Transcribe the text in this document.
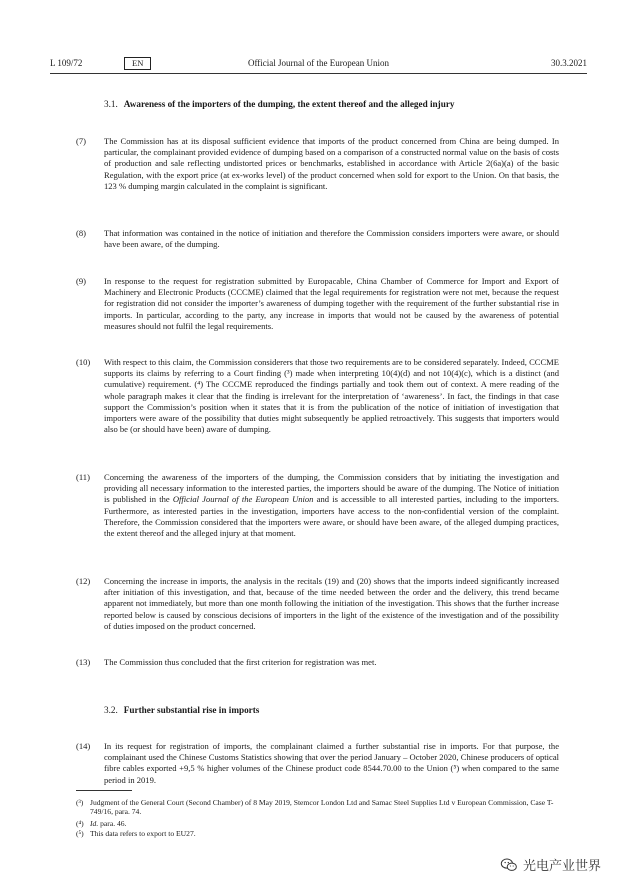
L 109/72	EN	Official Journal of the European Union	30.3.2021
3.1. Awareness of the importers of the dumping, the extent thereof and the alleged injury
(7) The Commission has at its disposal sufficient evidence that imports of the product concerned from China are being dumped. In particular, the complainant provided evidence of dumping based on a comparison of a constructed normal value on the basis of costs of production and sale reflecting undistorted prices or benchmarks, established in accordance with Article 2(6a)(a) of the basic Regulation, with the export price (at ex-works level) of the product concerned when sold for export to the Union. On that basis, the 123 % dumping margin calculated in the complaint is significant.
(8) That information was contained in the notice of initiation and therefore the Commission considers importers were aware, or should have been aware, of the dumping.
(9) In response to the request for registration submitted by Europacable, China Chamber of Commerce for Import and Export of Machinery and Electronic Products (CCCME) claimed that the legal requirements for registration were not met, because the request for registration did not consider the importer’s awareness of dumping together with the requirement of the further substantial rise in imports. In particular, according to the party, any increase in imports that would not be caused by the awareness of potential measures should not fulfil the legal requirements.
(10) With respect to this claim, the Commission considerers that those two requirements are to be considered separately. Indeed, CCCME supports its claims by referring to a Court finding (³) made when interpreting 10(4)(d) and not 10(4)(c), which is a distinct (and cumulative) requirement. (⁴) The CCCME reproduced the findings partially and took them out of context. A mere reading of the whole paragraph makes it clear that the finding is irrelevant for the interpretation of ‘awareness’. In fact, the findings in that case support the Commission’s position when it states that it is from the publication of the notice of initiation of investigation that importers were aware of the possibility that duties might subsequently be applied retroactively. This suggests that importers would also be (or should have been) aware of dumping.
(11) Concerning the awareness of the importers of the dumping, the Commission considers that by initiating the investigation and providing all necessary information to the interested parties, the importers should be aware of the dumping. The Notice of initiation is published in the Official Journal of the European Union and is accessible to all interested parties, including to the importers. Furthermore, as interested parties in the investigation, importers have access to the non-confidential version of the complaint. Therefore, the Commission considered that the importers were aware, or should have been aware, of the alleged dumping practices, the extent thereof and the alleged injury at that moment.
(12) Concerning the increase in imports, the analysis in the recitals (19) and (20) shows that the imports indeed significantly increased after initiation of this investigation, and that, because of the time needed between the order and the delivery, this trend became apparent not immediately, but more than one month following the initiation of the investigation. This shows that the further increase reported below is caused by conscious decisions of importers in the light of the existence of the investigation and of the possibility of duties imposed on the product concerned.
(13) The Commission thus concluded that the first criterion for registration was met.
3.2. Further substantial rise in imports
(14) In its request for registration of imports, the complainant claimed a further substantial rise in imports. For that purpose, the complainant used the Chinese Customs Statistics showing that over the period January – October 2020, Chinese producers of optical fibre cables exported +9,5 % higher volumes of the Chinese product code 8544.70.00 to the Union (⁵) when compared to the same period in 2019.
(³) Judgment of the General Court (Second Chamber) of 8 May 2019, Stemcor London Ltd and Samac Steel Supplies Ltd v European Commission, Case T-749/16, para. 74.
(⁴) Id. para. 46.
(⁵) This data refers to export to EU27.
光电产业世界
